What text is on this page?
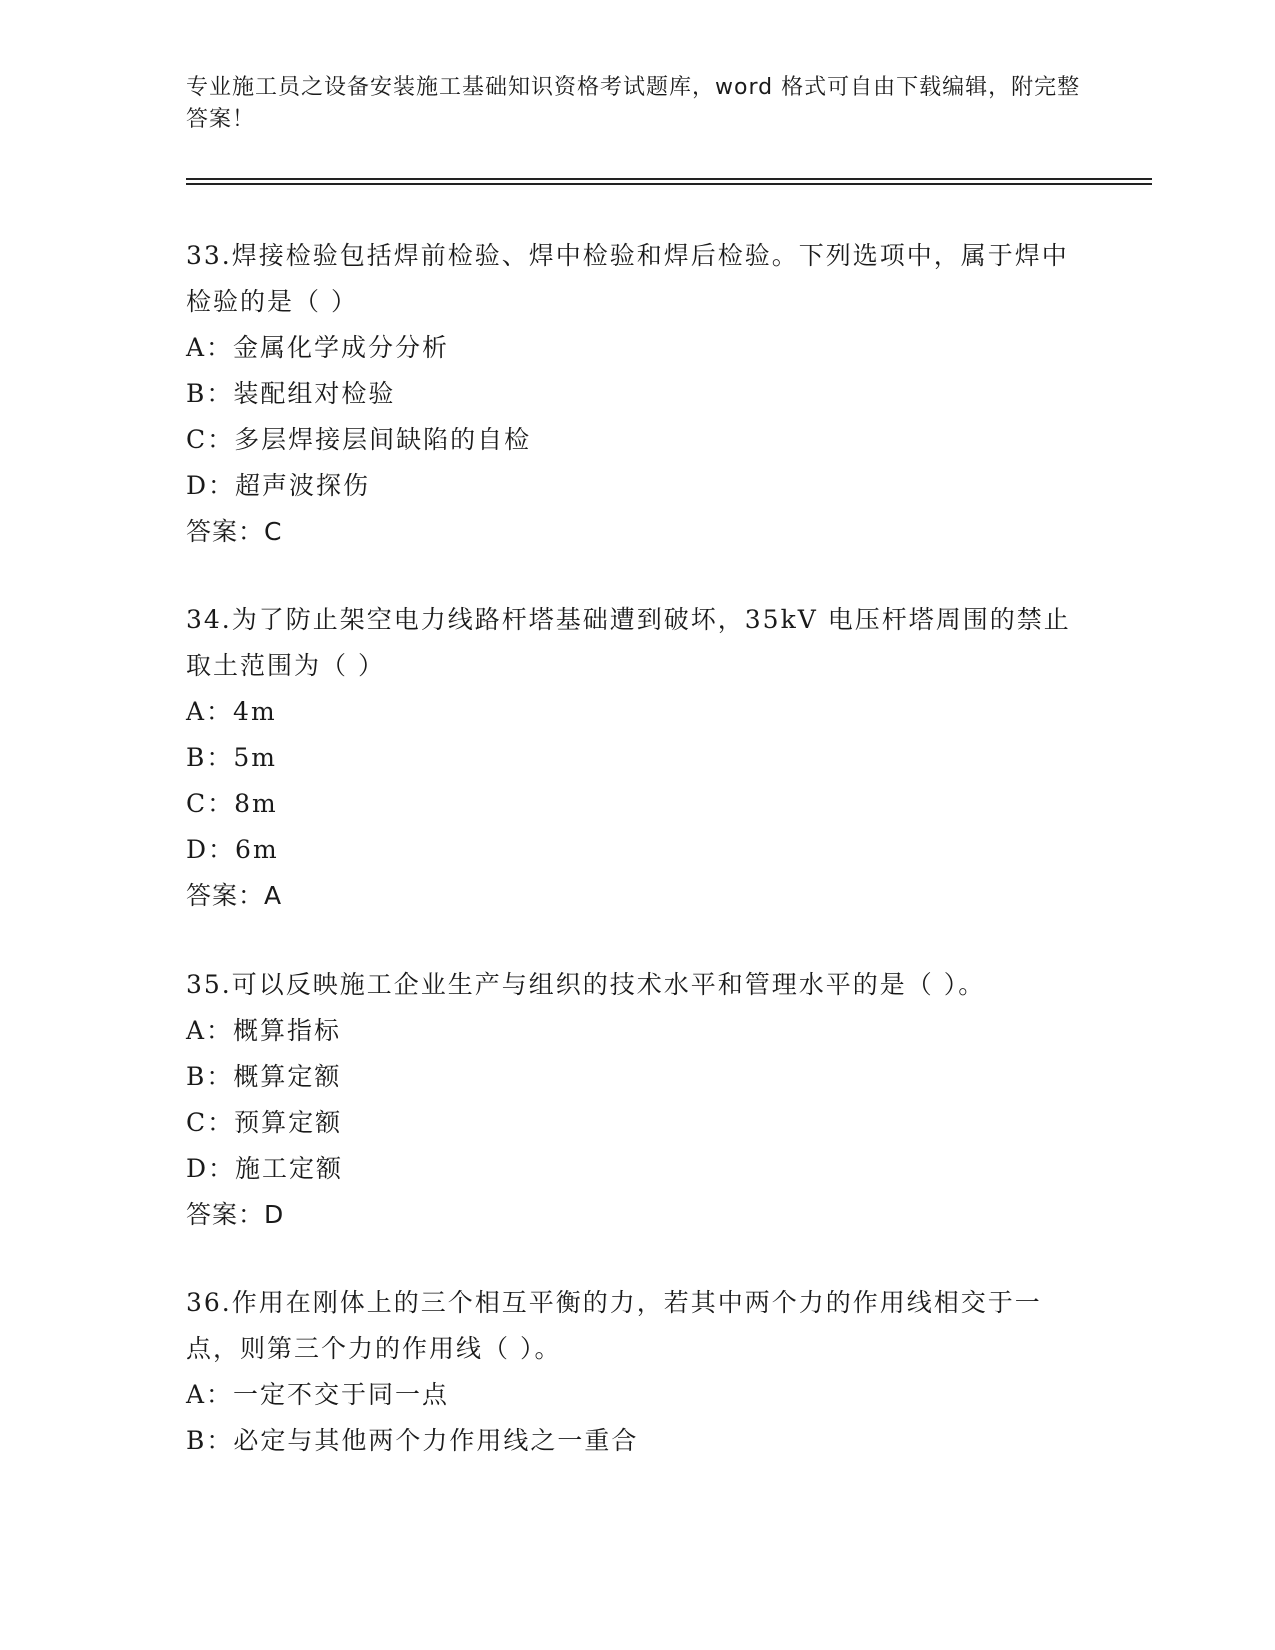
专业施工员之设备安装施工基础知识资格考试题库，word 格式可自由下载编辑，附完整答案！

33.焊接检验包括焊前检验、焊中检验和焊后检验。下列选项中，属于焊中检验的是（ ）

A：金属化学成分分析
B：装配组对检验
C：多层焊接层间缺陷的自检
D：超声波探伤
答案：C

34.为了防止架空电力线路杆塔基础遭到破坏，35kV 电压杆塔周围的禁止取土范围为（ ）

A：4m
B：5m
C：8m
D：6m
答案：A

35.可以反映施工企业生产与组织的技术水平和管理水平的是（ ）。

A：概算指标
B：概算定额
C：预算定额
D：施工定额
答案：D

36.作用在刚体上的三个相互平衡的力，若其中两个力的作用线相交于一点，则第三个力的作用线（ ）。

A：一定不交于同一点
B：必定与其他两个力作用线之一重合
